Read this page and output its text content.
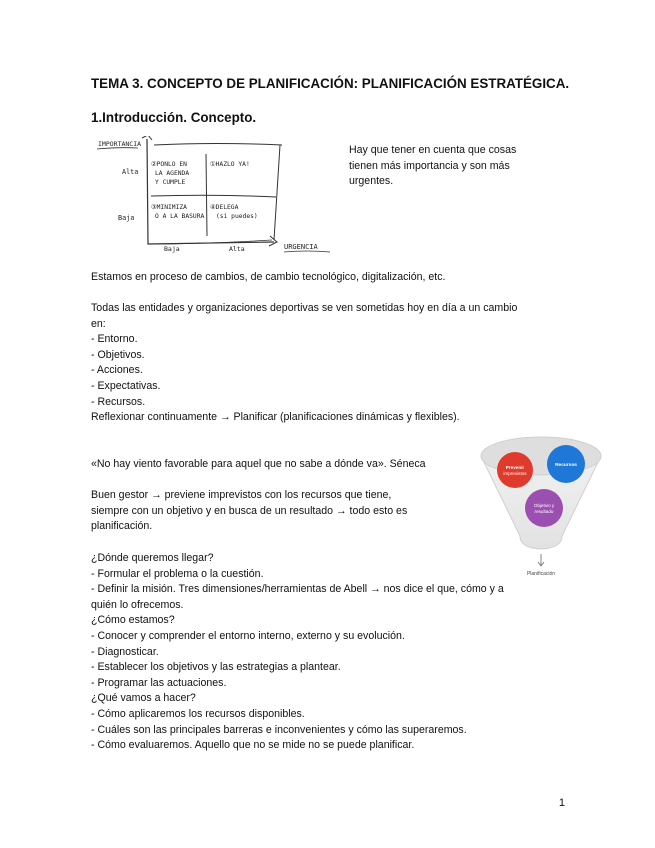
TEMA 3. CONCEPTO DE PLANIFICACIÓN: PLANIFICACIÓN ESTRATÉGICA.
1.Introducción. Concepto.
IMPORTANCIA
Alta
Baja
②PONLO EN
LA AGENDA
Y CUMPLE
①HAZLO YA!
③MINIMIZA
O A LA BASURA
④DELEGA
(si puedes)
Baja	Alta	URGENCIA
Hay que tener en cuenta que cosas
tienen más importancia y son más
urgentes.
Estamos en proceso de cambios, de cambio tecnológico, digitalización, etc.
Todas las entidades y organizaciones deportivas se ven sometidas hoy en día a un cambio
en:
- Entorno.
- Objetivos.
- Acciones.
- Expectativas.
- Recursos.
Reflexionar continuamente → Planificar (planificaciones dinámicas y flexibles).
«No hay viento favorable para aquel que no sabe a dónde va». Séneca
Buen gestor → previene imprevistos con los recursos que tiene,
siempre con un objetivo y en busca de un resultado → todo esto es
planificación.
Prevenir
imprevistos
Recursos
Objetivo y
resultado
Planificación
¿Dónde queremos llegar?
- Formular el problema o la cuestión.
- Definir la misión. Tres dimensiones/herramientas de Abell → nos dice el que, cómo y a
quién lo ofrecemos.
¿Cómo estamos?
- Conocer y comprender el entorno interno, externo y su evolución.
- Diagnosticar.
- Establecer los objetivos y las estrategias a plantear.
- Programar las actuaciones.
¿Qué vamos a hacer?
- Cómo aplicaremos los recursos disponibles.
- Cuáles son las principales barreras e inconvenientes y cómo las superaremos.
- Cómo evaluaremos. Aquello que no se mide no se puede planificar.
1
